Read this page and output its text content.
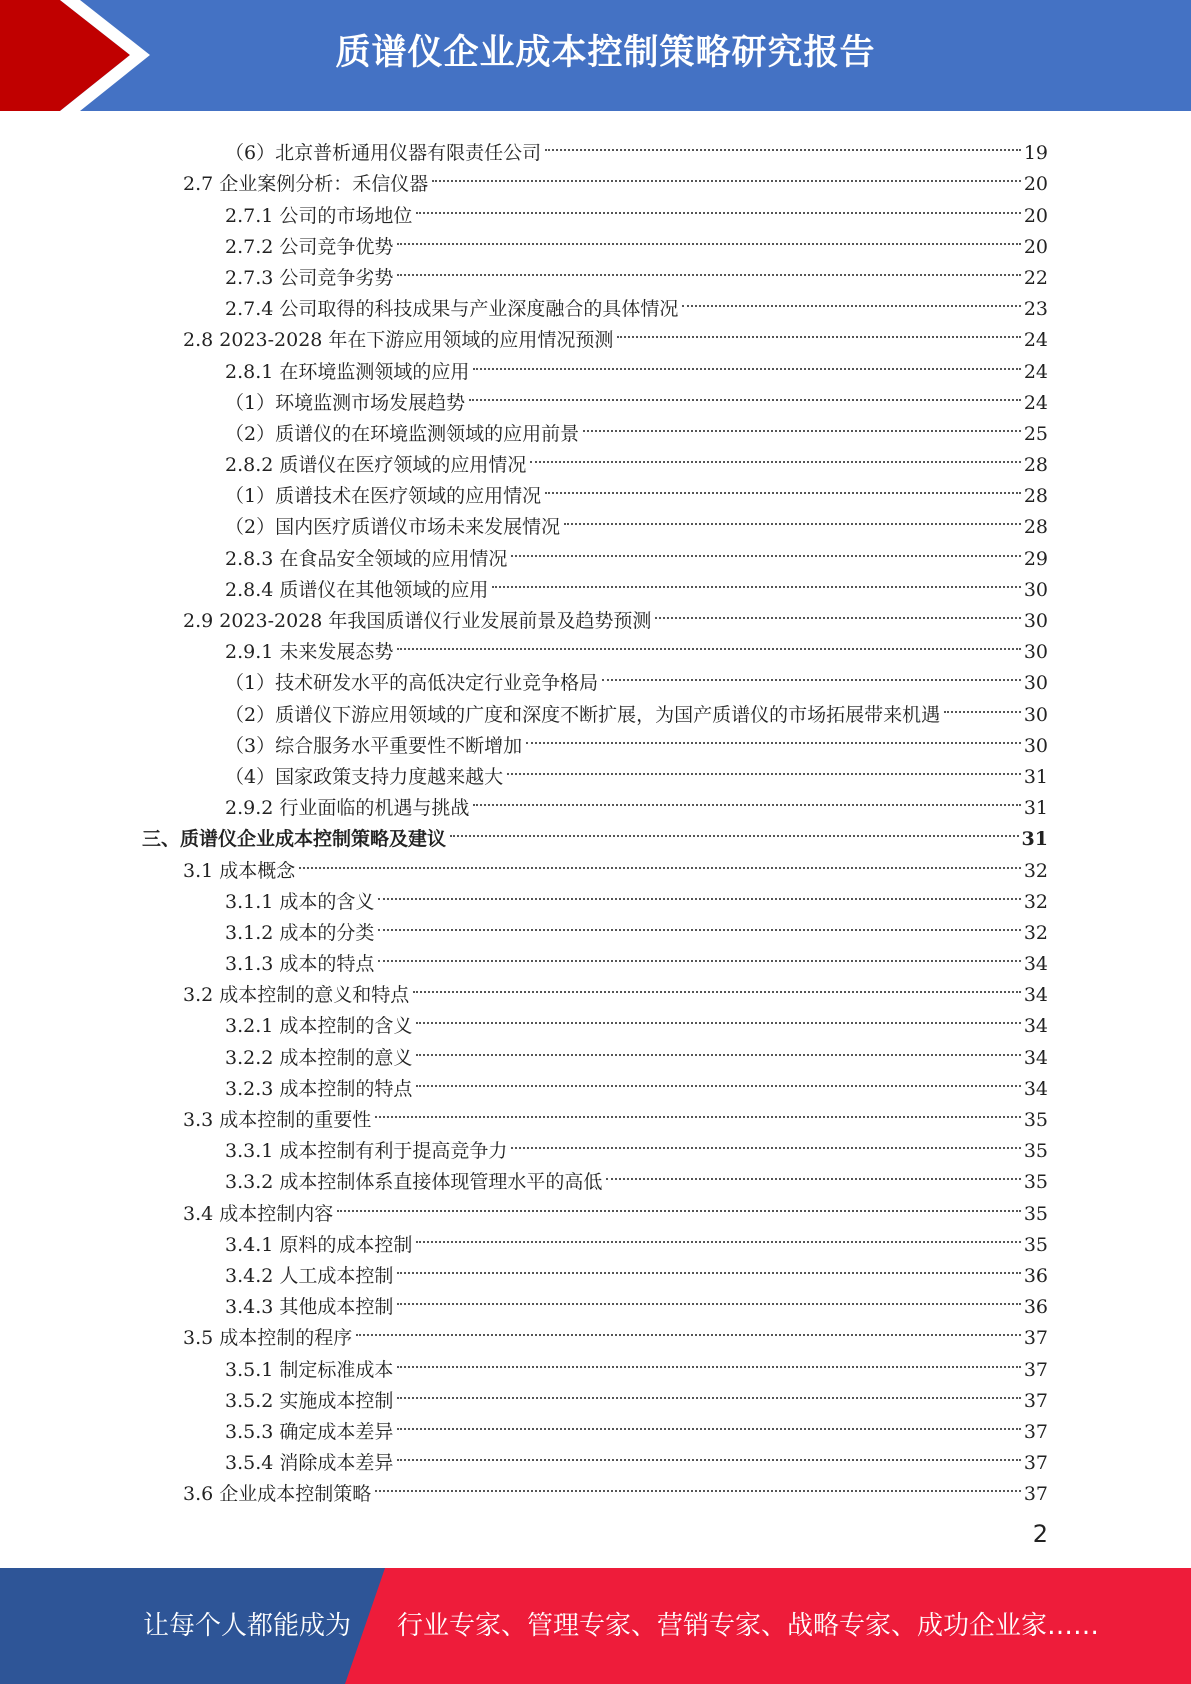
质谱仪企业成本控制策略研究报告
（6）北京普析通用仪器有限责任公司	19
2.7 企业案例分析：禾信仪器	20
2.7.1 公司的市场地位	20
2.7.2 公司竞争优势	20
2.7.3 公司竞争劣势	22
2.7.4 公司取得的科技成果与产业深度融合的具体情况	23
2.8 2023-2028 年在下游应用领域的应用情况预测	24
2.8.1 在环境监测领域的应用	24
（1）环境监测市场发展趋势	24
（2）质谱仪的在环境监测领域的应用前景	25
2.8.2 质谱仪在医疗领域的应用情况	28
（1）质谱技术在医疗领域的应用情况	28
（2）国内医疗质谱仪市场未来发展情况	28
2.8.3 在食品安全领域的应用情况	29
2.8.4 质谱仪在其他领域的应用	30
2.9 2023-2028 年我国质谱仪行业发展前景及趋势预测	30
2.9.1 未来发展态势	30
（1）技术研发水平的高低决定行业竞争格局	30
（2）质谱仪下游应用领域的广度和深度不断扩展，为国产质谱仪的市场拓展带来机遇	30
（3）综合服务水平重要性不断增加	30
（4）国家政策支持力度越来越大	31
2.9.2 行业面临的机遇与挑战	31
三、质谱仪企业成本控制策略及建议	31
3.1 成本概念	32
3.1.1 成本的含义	32
3.1.2 成本的分类	32
3.1.3 成本的特点	34
3.2 成本控制的意义和特点	34
3.2.1 成本控制的含义	34
3.2.2 成本控制的意义	34
3.2.3 成本控制的特点	34
3.3 成本控制的重要性	35
3.3.1 成本控制有利于提高竞争力	35
3.3.2 成本控制体系直接体现管理水平的高低	35
3.4 成本控制内容	35
3.4.1 原料的成本控制	35
3.4.2 人工成本控制	36
3.4.3 其他成本控制	36
3.5 成本控制的程序	37
3.5.1 制定标准成本	37
3.5.2 实施成本控制	37
3.5.3 确定成本差异	37
3.5.4 消除成本差异	37
3.6 企业成本控制策略	37
2
让每个人都能成为 行业专家、管理专家、营销专家、战略专家、成功企业家……
